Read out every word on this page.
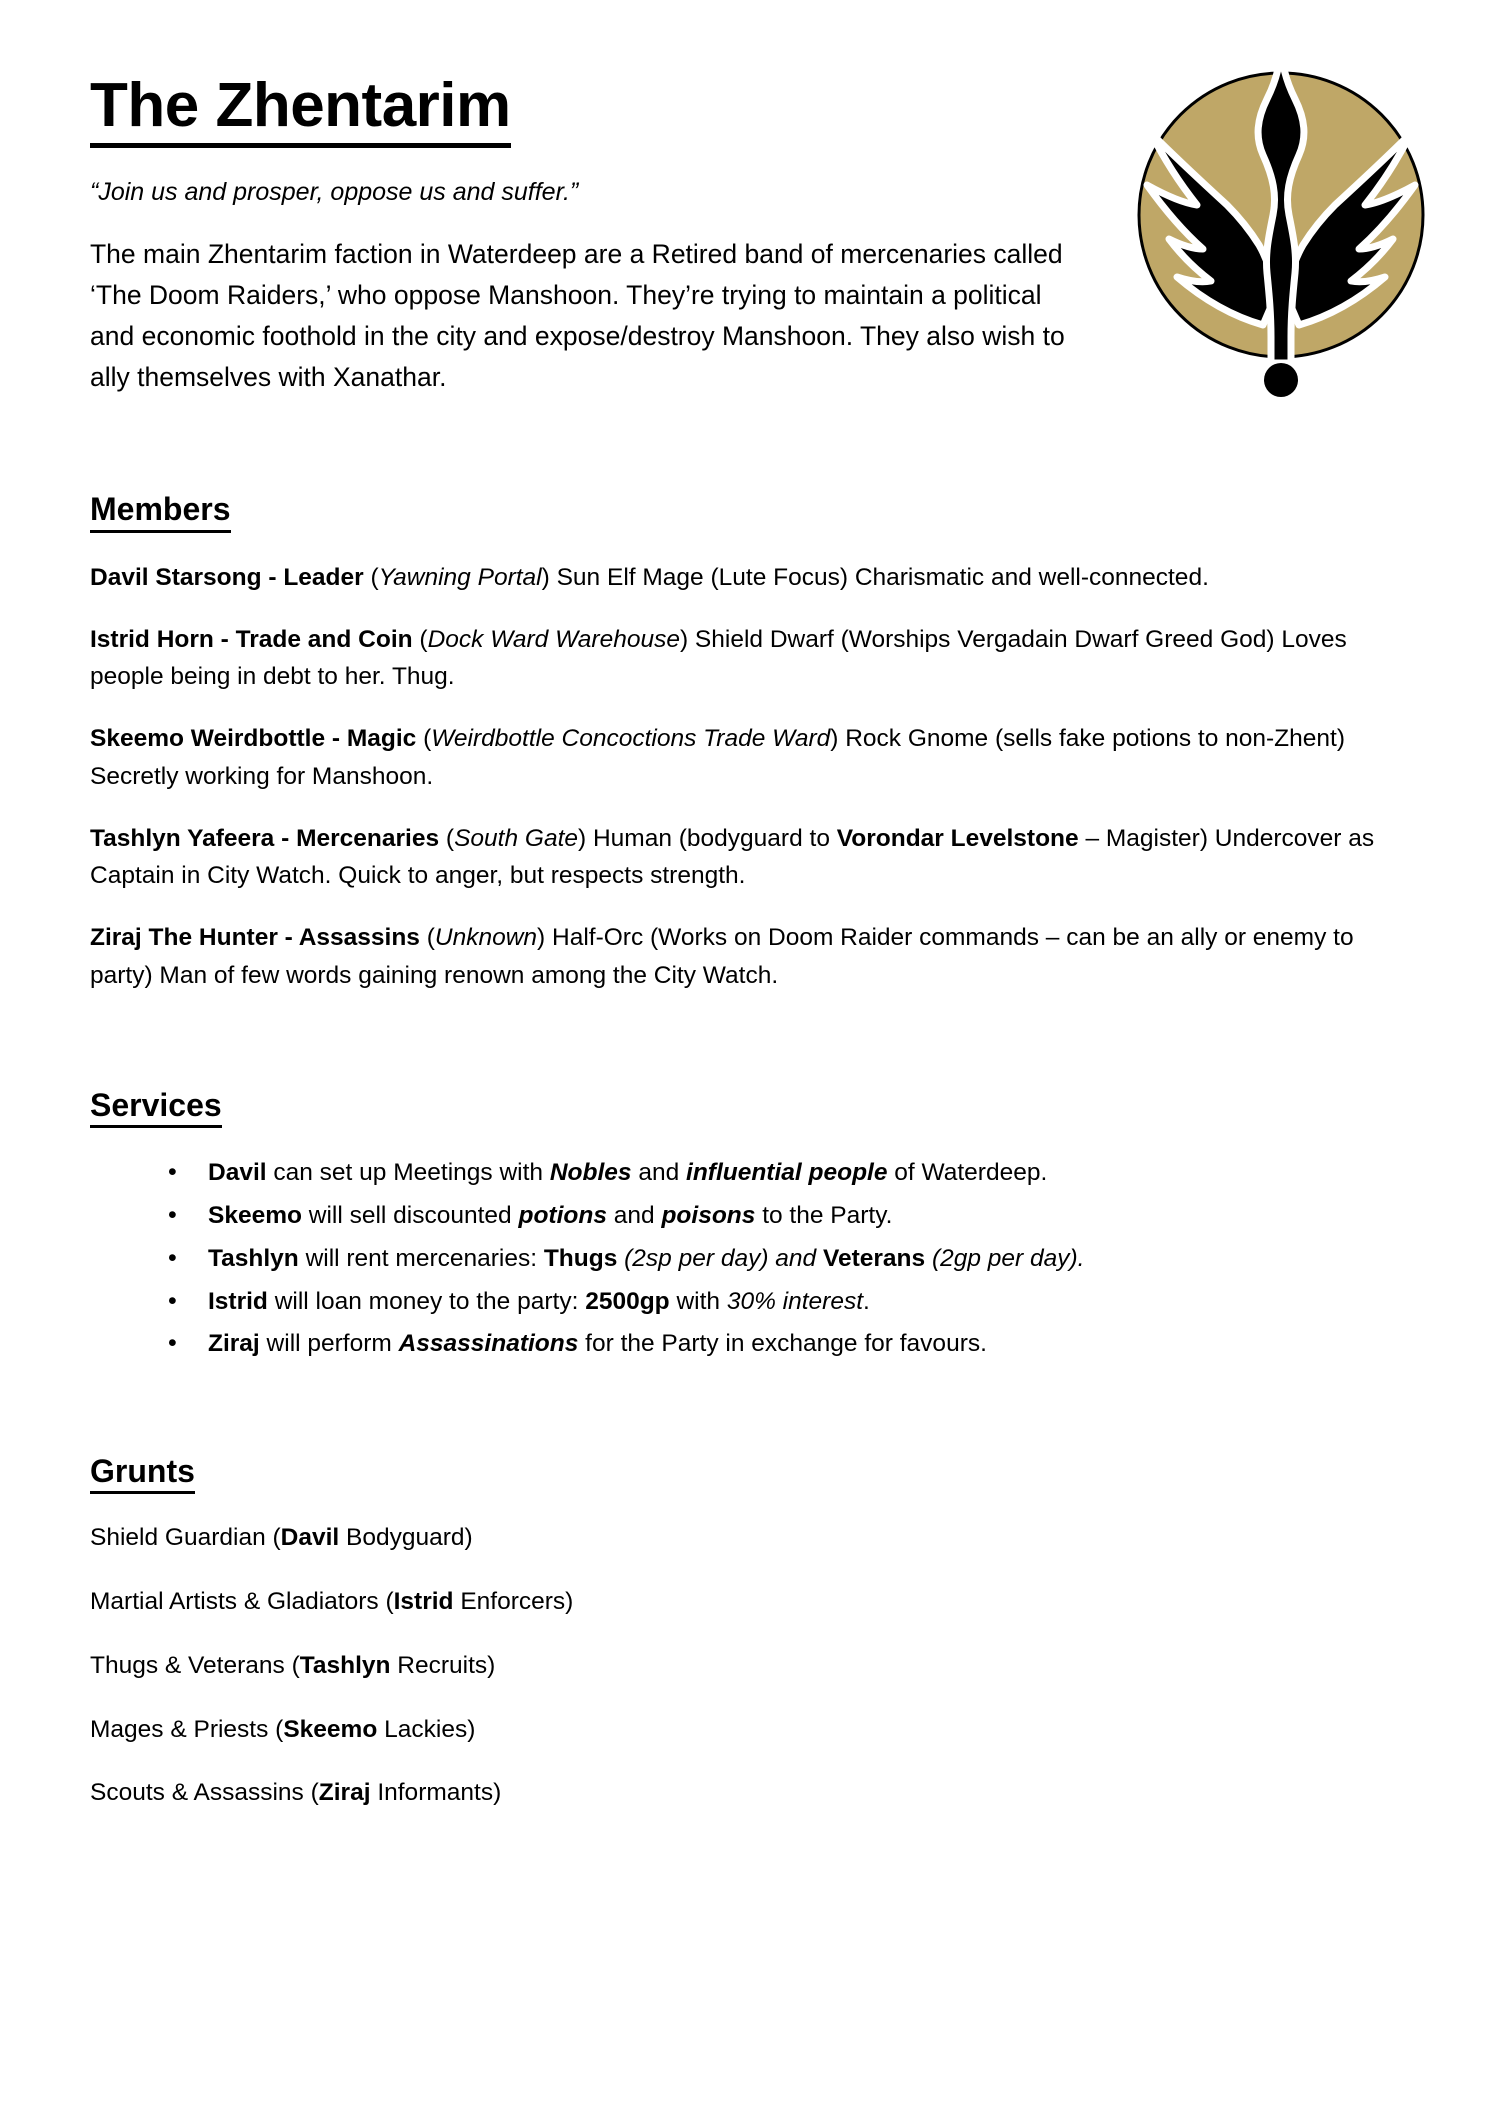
The Zhentarim

“Join us and prosper, oppose us and suffer.”

The main Zhentarim faction in Waterdeep are a Retired band of mercenaries called ‘The Doom Raiders,’ who oppose Manshoon. They’re trying to maintain a political and economic foothold in the city and expose/destroy Manshoon. They also wish to ally themselves with Xanathar.

Members

Davil Starsong - Leader (Yawning Portal) Sun Elf Mage (Lute Focus) Charismatic and well-connected.

Istrid Horn - Trade and Coin (Dock Ward Warehouse) Shield Dwarf (Worships Vergadain Dwarf Greed God) Loves people being in debt to her. Thug.

Skeemo Weirdbottle - Magic (Weirdbottle Concoctions Trade Ward) Rock Gnome (sells fake potions to non-Zhent) Secretly working for Manshoon.

Tashlyn Yafeera - Mercenaries (South Gate) Human (bodyguard to Vorondar Levelstone – Magister) Undercover as Captain in City Watch. Quick to anger, but respects strength.

Ziraj The Hunter - Assassins (Unknown) Half-Orc (Works on Doom Raider commands – can be an ally or enemy to party) Man of few words gaining renown among the City Watch.

Services
• Davil can set up Meetings with Nobles and influential people of Waterdeep.
• Skeemo will sell discounted potions and poisons to the Party.
• Tashlyn will rent mercenaries: Thugs (2sp per day) and Veterans (2gp per day).
• Istrid will loan money to the party: 2500gp with 30% interest.
• Ziraj will perform Assassinations for the Party in exchange for favours.
Grunts

Shield Guardian (Davil Bodyguard)

Martial Artists & Gladiators (Istrid Enforcers)

Thugs & Veterans (Tashlyn Recruits)

Mages & Priests (Skeemo Lackies)

Scouts & Assassins (Ziraj Informants)
